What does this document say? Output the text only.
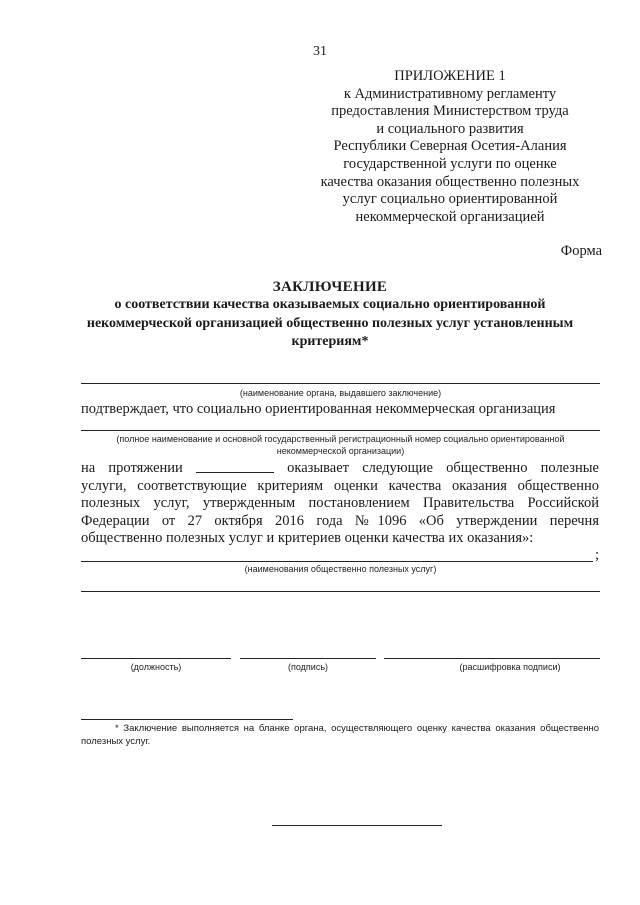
31
ПРИЛОЖЕНИЕ 1
к Административному регламенту
предоставления Министерством труда
и социального развития
Республики Северная Осетия-Алания
государственной услуги по оценке
качества оказания общественно полезных
услуг социально ориентированной
некоммерческой организацией
Форма
ЗАКЛЮЧЕНИЕ
о соответствии качества оказываемых социально ориентированной
некоммерческой организацией общественно полезных услуг установленным
критериям*
(наименование органа, выдавшего заключение)
подтверждает, что социально ориентированная некоммерческая организация
(полное наименование и основной государственный регистрационный номер социально ориентированной
некоммерческой организации)
на протяжении	оказывает следующие общественно полезные
услуги, соответствующие критериям оценки качества оказания общественно
полезных услуг, утвержденным постановлением Правительства Российской
Федерации от 27 октября 2016 года №1096 «Об утверждении перечня
общественно полезных услуг и критериев оценки качества их оказания»:
;
(наименования общественно полезных услуг)
(должность)	(подпись)	(расшифровка подписи)
* Заключение выполняется на бланке органа, осуществляющего оценку качества оказания общественно полезных услуг.
